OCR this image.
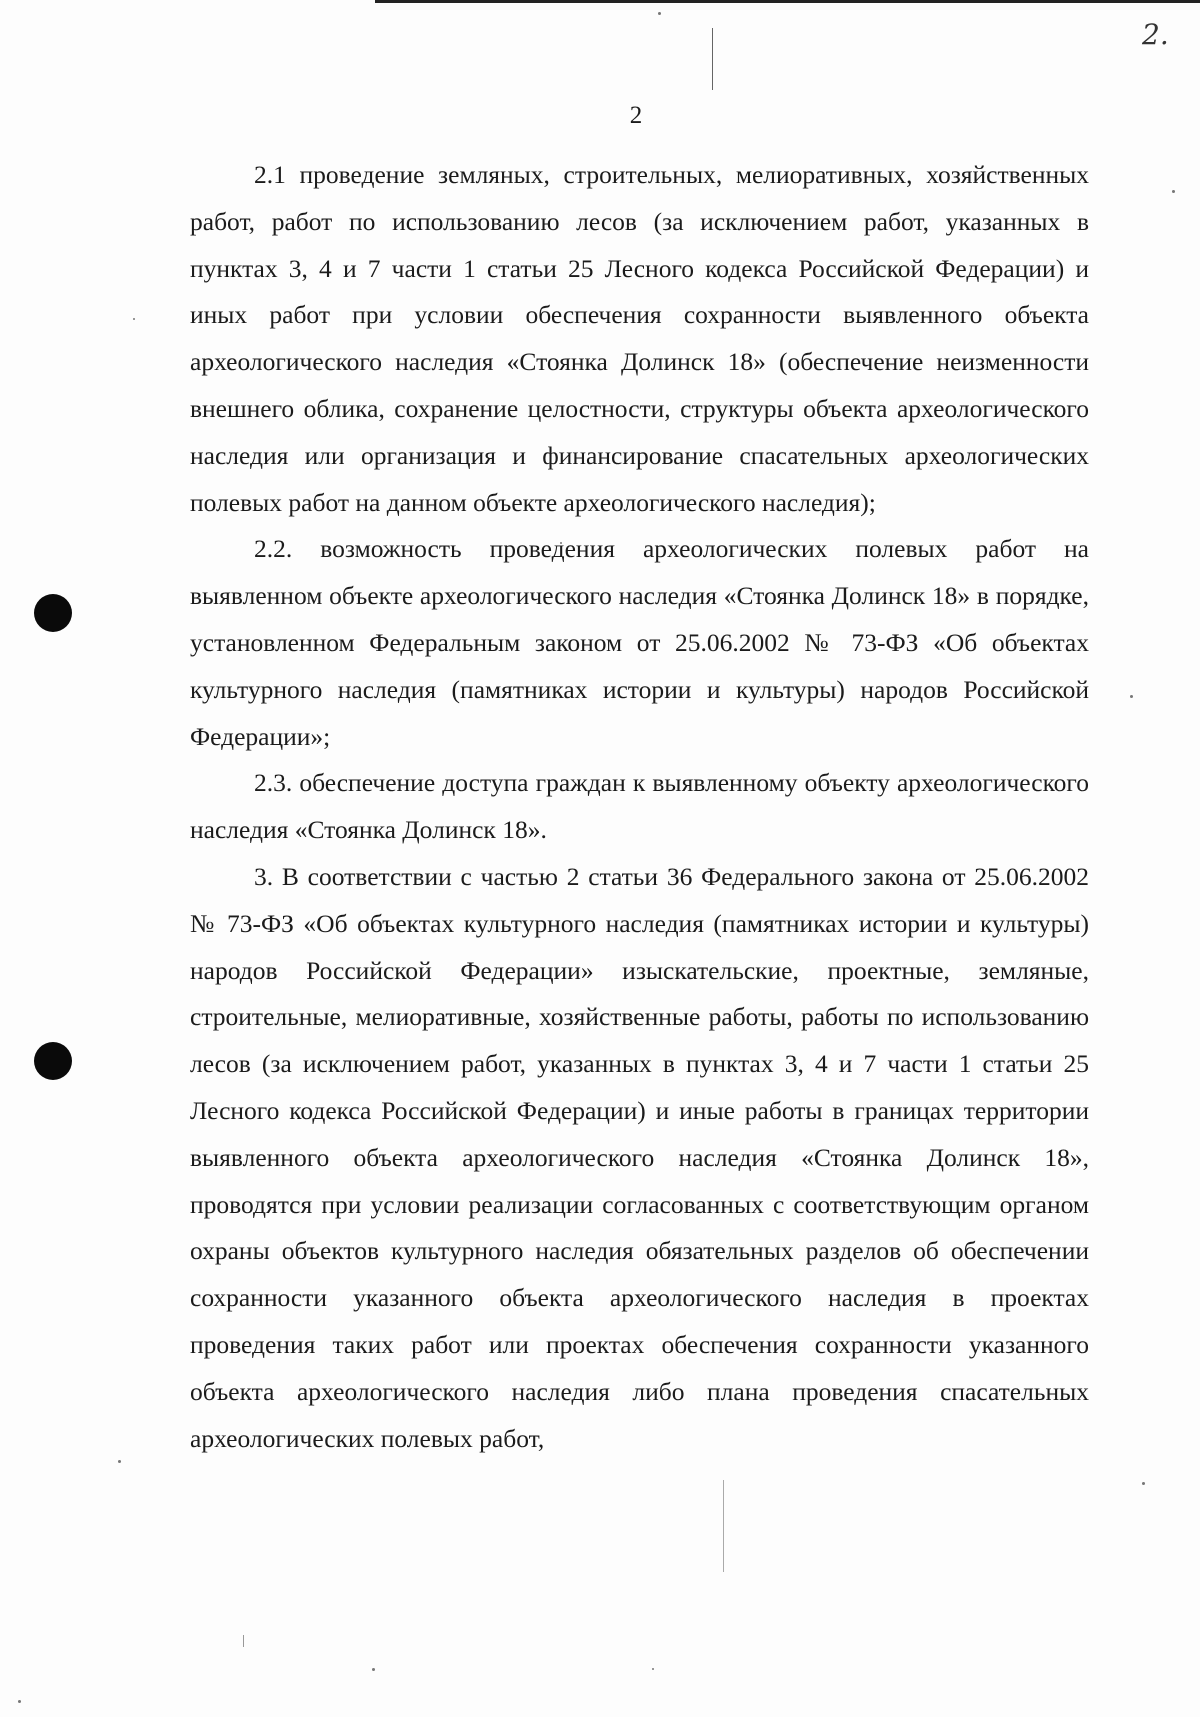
2.
2

2.1 проведение земляных, строительных, мелиоративных, хозяйственных работ, работ по использованию лесов (за исключением работ, указанных в пунктах 3, 4 и 7 части 1 статьи 25 Лесного кодекса Российской Федерации) и иных работ при условии обеспечения сохранности выявленного объекта археологического наследия «Стоянка Долинск 18» (обеспечение неизменности внешнего облика, сохранение целостности, структуры объекта археологического наследия или организация и финансирование спасательных археологических полевых работ на данном объекте археологического наследия);

2.2. возможность проведения археологических полевых работ на выявленном объекте археологического наследия «Стоянка Долинск 18» в порядке, установленном Федеральным законом от 25.06.2002 № 73-ФЗ «Об объектах культурного наследия (памятниках истории и культуры) народов Российской Федерации»;

2.3. обеспечение доступа граждан к выявленному объекту археологического наследия «Стоянка Долинск 18».

3. В соответствии с частью 2 статьи 36 Федерального закона от 25.06.2002 № 73-ФЗ «Об объектах культурного наследия (памятниках истории и культуры) народов Российской Федерации» изыскательские, проектные, земляные, строительные, мелиоративные, хозяйственные работы, работы по использованию лесов (за исключением работ, указанных в пунктах 3, 4 и 7 части 1 статьи 25 Лесного кодекса Российской Федерации) и иные работы в границах территории выявленного объекта археологического наследия «Стоянка Долинск 18», проводятся при условии реализации согласованных с соответствующим органом охраны объектов культурного наследия обязательных разделов об обеспечении сохранности указанного объекта археологического наследия в проектах проведения таких работ или проектах обеспечения сохранности указанного объекта археологического наследия либо плана проведения спасательных археологических полевых работ,
